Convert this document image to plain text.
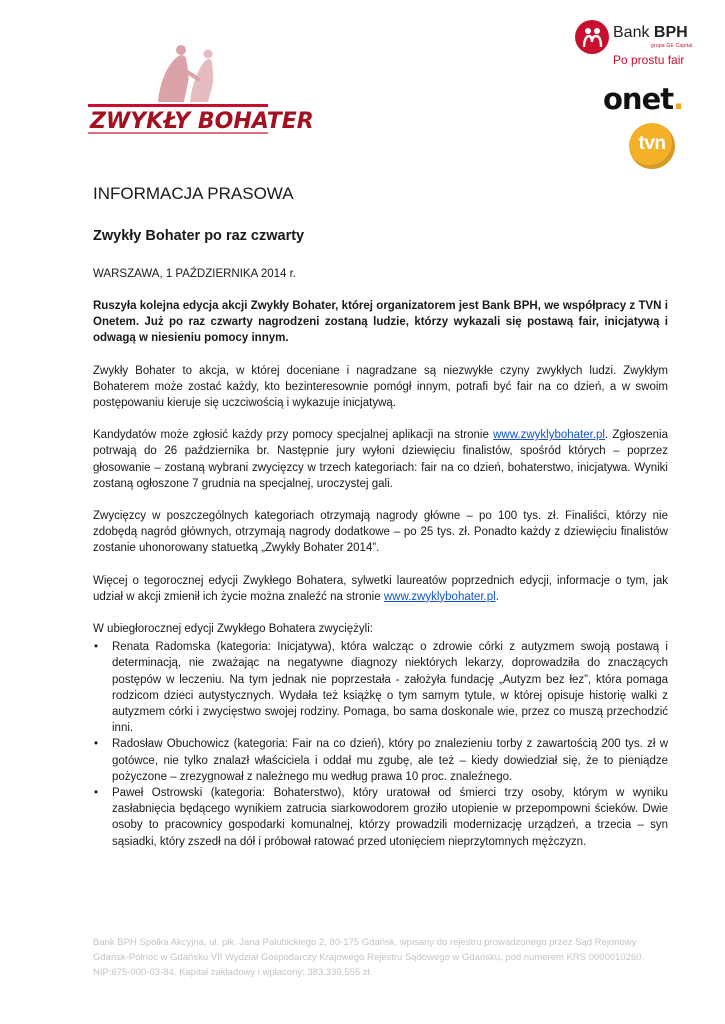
ZWYKŁY BOHATER
Bank BPH
grupa GE Capital
Po prostu fair
onet.
tvn
INFORMACJA PRASOWA
Zwykły Bohater po raz czwarty
WARSZAWA, 1 PAŹDZIERNIKA 2014 r.

Ruszyła kolejna edycja akcji Zwykły Bohater, której organizatorem jest Bank BPH, we współpracy z TVN i Onetem. Już po raz czwarty nagrodzeni zostaną ludzie, którzy wykazali się postawą fair, inicjatywą i odwagą w niesieniu pomocy innym.

Zwykły Bohater to akcja, w której doceniane i nagradzane są niezwykłe czyny zwykłych ludzi. Zwykłym Bohaterem może zostać każdy, kto bezinteresownie pomógł innym, potrafi być fair na co dzień, a w swoim postępowaniu kieruje się uczciwością i wykazuje inicjatywą.

Kandydatów może zgłosić każdy przy pomocy specjalnej aplikacji na stronie www.zwyklybohater.pl. Zgłoszenia potrwają do 26 października br. Następnie jury wyłoni dziewięciu finalistów, spośród których – poprzez głosowanie – zostaną wybrani zwycięzcy w trzech kategoriach: fair na co dzień, bohaterstwo, inicjatywa. Wyniki zostaną ogłoszone 7 grudnia na specjalnej, uroczystej gali.

Zwycięzcy w poszczególnych kategoriach otrzymają nagrody główne – po 100 tys. zł. Finaliści, którzy nie zdobędą nagród głównych, otrzymają nagrody dodatkowe – po 25 tys. zł. Ponadto każdy z dziewięciu finalistów zostanie uhonorowany statuetką „Zwykły Bohater 2014”.

Więcej o tegorocznej edycji Zwykłego Bohatera, sylwetki laureatów poprzednich edycji, informacje o tym, jak udział w akcji zmienił ich życie można znaleźć na stronie www.zwyklybohater.pl.

W ubiegłorocznej edycji Zwykłego Bohatera zwyciężyli:
• Renata Radomska (kategoria: Inicjatywa), która walcząc o zdrowie córki z autyzmem swoją postawą i determinacją, nie zważając na negatywne diagnozy niektórych lekarzy, doprowadziła do znaczących postępów w leczeniu. Na tym jednak nie poprzestała - założyła fundację „Autyzm bez łez”, która pomaga rodzicom dzieci autystycznych. Wydała też książkę o tym samym tytule, w której opisuje historię walki z autyzmem córki i zwycięstwo swojej rodziny. Pomaga, bo sama doskonale wie, przez co muszą przechodzić inni.
• Radosław Obuchowicz (kategoria: Fair na co dzień), który po znalezieniu torby z zawartością 200 tys. zł w gotówce, nie tylko znalazł właściciela i oddał mu zgubę, ale też – kiedy dowiedział się, że to pieniądze pożyczone – zrezygnował z należnego mu według prawa 10 proc. znaleźnego.
• Paweł Ostrowski (kategoria: Bohaterstwo), który uratował od śmierci trzy osoby, którym w wyniku zasłabnięcia będącego wynikiem zatrucia siarkowodorem groziło utopienie w przepompowni ścieków. Dwie osoby to pracownicy gospodarki komunalnej, którzy prowadzili modernizację urządzeń, a trzecia – syn sąsiadki, który zszedł na dół i próbował ratować przed utonięciem nieprzytomnych mężczyzn.
Bank BPH Spółka Akcyjna, ul. płk. Jana Pałubickiego 2, 80-175 Gdańsk, wpisany do rejestru prowadzonego przez Sąd Rejonowy Gdańsk-Północ w Gdańsku VII Wydział Gospodarczy Krajowego Rejestru Sądowego w Gdańsku, pod numerem KRS 0000010260. NIP:675-000-03-84. Kapitał zakładowy i wpłacony: 383.339.555 zł.
